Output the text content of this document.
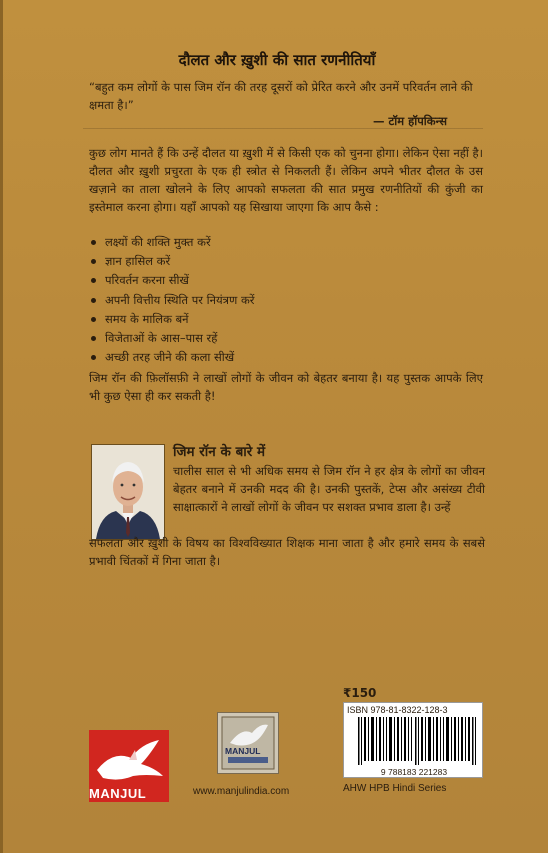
दौलत और ख़ुशी की सात रणनीतियाँ
“बहुत कम लोगों के पास जिम रॉन की तरह दूसरों को प्रेरित करने और उनमें परिवर्तन लाने की क्षमता है।”
— टॉम हॉपकिन्स
कुछ लोग मानते हैं कि उन्हें दौलत या ख़ुशी में से किसी एक को चुनना होगा। लेकिन ऐसा नहीं है। दौलत और ख़ुशी प्रचुरता के एक ही स्त्रोत से निकलती हैं। लेकिन अपने भीतर दौलत के उस खज़ाने का ताला खोलने के लिए आपको सफलता की सात प्रमुख रणनीतियों की कुंजी का इस्तेमाल करना होगा। यहाँ आपको यह सिखाया जाएगा कि आप कैसे :
लक्ष्यों की शक्ति मुक्त करें
ज्ञान हासिल करें
परिवर्तन करना सीखें
अपनी वित्तीय स्थिति पर नियंत्रण करें
समय के मालिक बनें
विजेताओं के आस–पास रहें
अच्छी तरह जीने की कला सीखें
जिम रॉन की फ़िलॉसफ़ी ने लाखों लोगों के जीवन को बेहतर बनाया है। यह पुस्तक आपके लिए भी कुछ ऐसा ही कर सकती है!
जिम रॉन के बारे में
चालीस साल से भी अधिक समय से जिम रॉन ने हर क्षेत्र के लोगों का जीवन बेहतर बनाने में उनकी मदद की है। उनकी पुस्तकें, टेप्स और असंख्य टीवी साक्षात्कारों ने लाखों लोगों के जीवन पर सशक्त प्रभाव डाला है। उन्हें
सफलता और ख़ुशी के विषय का विश्वविख्यात शिक्षक माना जाता है और हमारे समय के सबसे प्रभावी चिंतकों में गिना जाता है।
₹150
ISBN 978-81-8322-128-3
9 788183 221283
AHW HPB Hindi Series
MANJUL
MANJUL
www.manjulindia.com
